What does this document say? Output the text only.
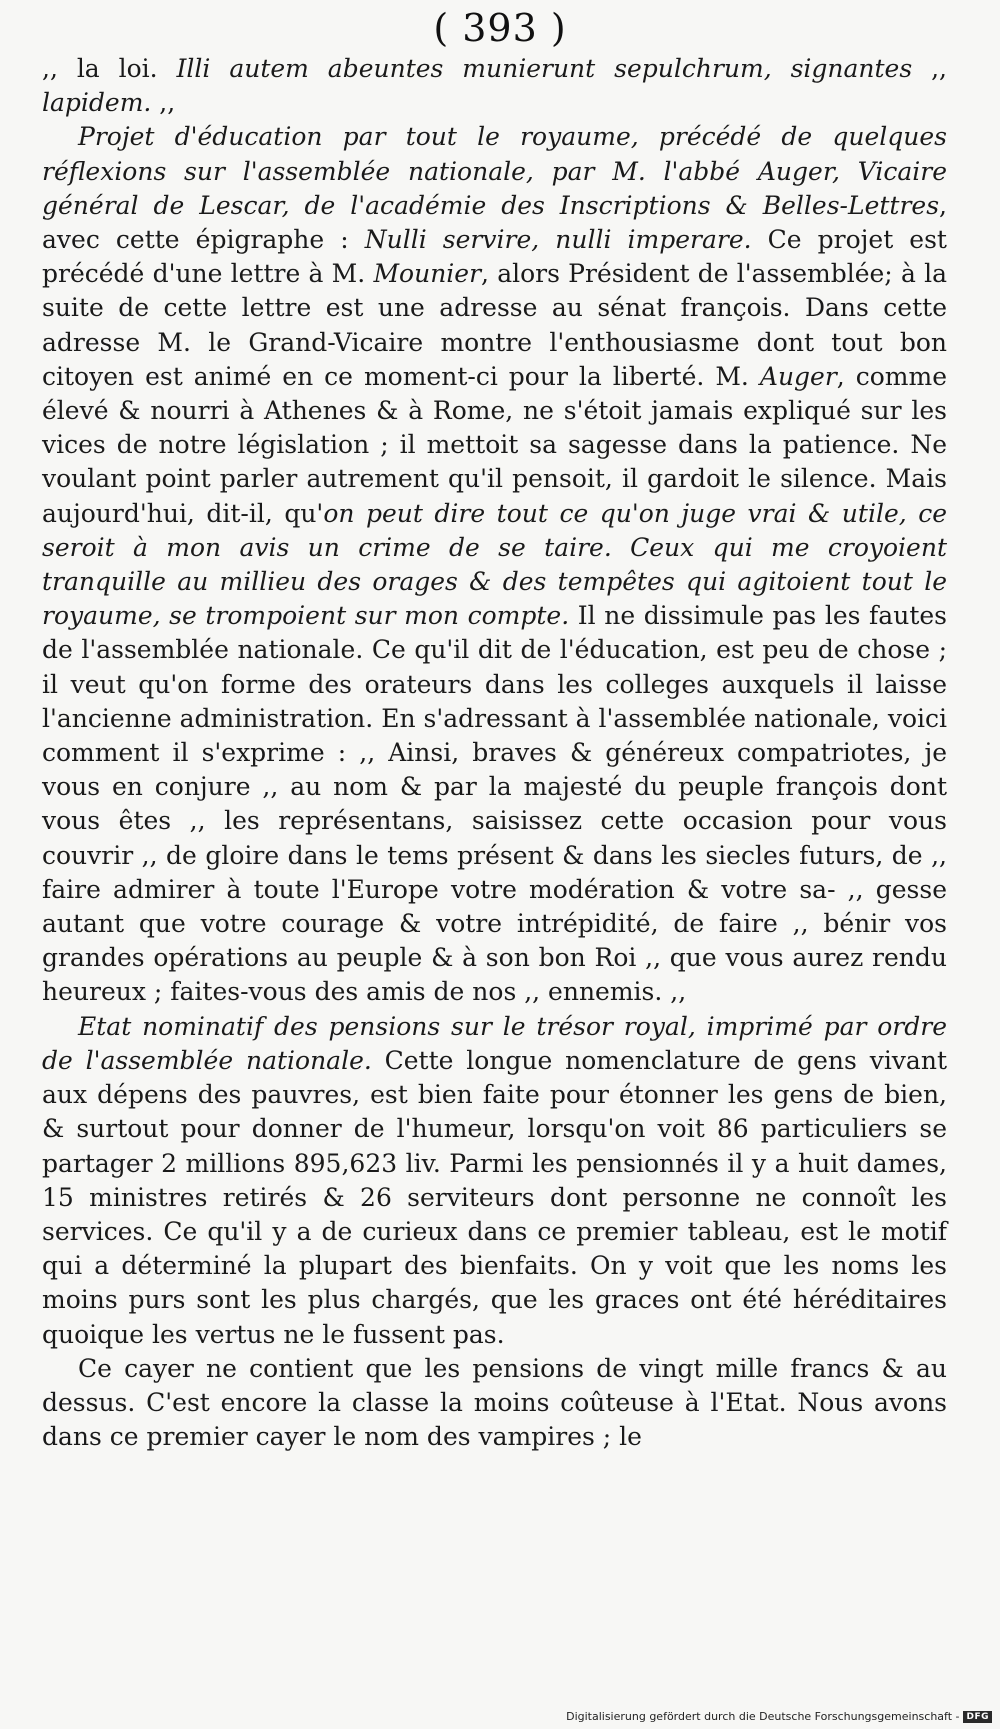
( 393 )

,, la loi. Illi autem abeuntes munierunt sepulchrum, signantes ,, lapidem. ,,

Projet d'éducation par tout le royaume, précédé de quelques réflexions sur l'assemblée nationale, par M. l'abbé Auger, Vicaire général de Lescar, de l'académie des Inscriptions & Belles-Lettres, avec cette épigraphe : Nulli servire, nulli imperare. Ce projet est précédé d'une lettre à M. Mounier, alors Président de l'assemblée; à la suite de cette lettre est une adresse au sénat françois. Dans cette adresse M. le Grand-Vicaire montre l'enthousiasme dont tout bon citoyen est animé en ce moment-ci pour la liberté. M. Auger, comme élevé & nourri à Athenes & à Rome, ne s'étoit jamais expliqué sur les vices de notre législation ; il mettoit sa sagesse dans la patience. Ne voulant point parler autrement qu'il pensoit, il gardoit le silence. Mais aujourd'hui, dit-il, qu'on peut dire tout ce qu'on juge vrai & utile, ce seroit à mon avis un crime de se taire. Ceux qui me croyoient tranquille au millieu des orages & des tempêtes qui agitoient tout le royaume, se trompoient sur mon compte. Il ne dissimule pas les fautes de l'assemblée nationale. Ce qu'il dit de l'éducation, est peu de chose ; il veut qu'on forme des orateurs dans les colleges auxquels il laisse l'ancienne administration. En s'adressant à l'assemblée nationale, voici comment il s'exprime : ,, Ainsi, braves & généreux compatriotes, je vous en conjure ,, au nom & par la majesté du peuple françois dont vous êtes ,, les représentans, saisissez cette occasion pour vous couvrir ,, de gloire dans le tems présent & dans les siecles futurs, de ,, faire admirer à toute l'Europe votre modération & votre sa- ,, gesse autant que votre courage & votre intrépidité, de faire ,, bénir vos grandes opérations au peuple & à son bon Roi ,, que vous aurez rendu heureux ; faites-vous des amis de nos ,, ennemis. ,,

Etat nominatif des pensions sur le trésor royal, imprimé par ordre de l'assemblée nationale. Cette longue nomenclature de gens vivant aux dépens des pauvres, est bien faite pour étonner les gens de bien, & surtout pour donner de l'humeur, lorsqu'on voit 86 particuliers se partager 2 millions 895,623 liv. Parmi les pensionnés il y a huit dames, 15 ministres retirés & 26 serviteurs dont personne ne connoît les services. Ce qu'il y a de curieux dans ce premier tableau, est le motif qui a déterminé la plupart des bienfaits. On y voit que les noms les moins purs sont les plus chargés, que les graces ont été héréditaires quoique les vertus ne le fussent pas.

Ce cayer ne contient que les pensions de vingt mille francs & au dessus. C'est encore la classe la moins coûteuse à l'Etat. Nous avons dans ce premier cayer le nom des vampires ; le

Digitalisierung gefördert durch die Deutsche Forschungsgemeinschaft - DFG
